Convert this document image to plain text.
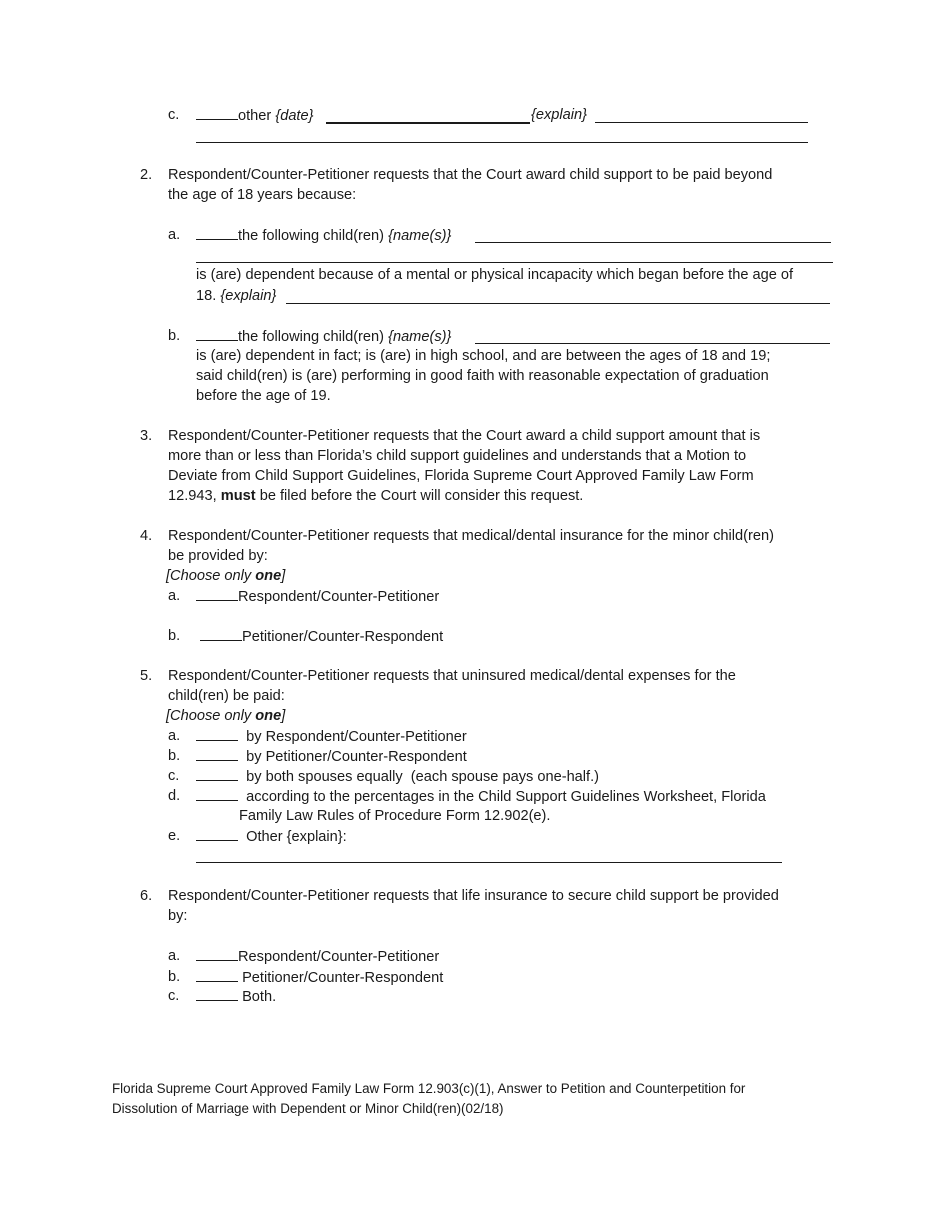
c.	other {date}	{explain}
2. Respondent/Counter-Petitioner requests that the Court award child support to be paid beyond
the age of 18 years because:
a.	the following child(ren) {name(s)}
is (are) dependent because of a mental or physical incapacity which began before the age of
18. {explain}
b.	the following child(ren) {name(s)}
is (are) dependent in fact; is (are) in high school, and are between the ages of 18 and 19;
said child(ren) is (are) performing in good faith with reasonable expectation of graduation
before the age of 19.
3. Respondent/Counter-Petitioner requests that the Court award a child support amount that is
more than or less than Florida’s child support guidelines and understands that a Motion to
Deviate from Child Support Guidelines, Florida Supreme Court Approved Family Law Form
12.943, must be filed before the Court will consider this request.
4. Respondent/Counter-Petitioner requests that medical/dental insurance for the minor child(ren)
be provided by:
[Choose only one]
a.	Respondent/Counter-Petitioner
b.	Petitioner/Counter-Respondent
5. Respondent/Counter-Petitioner requests that uninsured medical/dental expenses for the
child(ren) be paid:
[Choose only one]
a.	by Respondent/Counter-Petitioner
b.	by Petitioner/Counter-Respondent
c.	by both spouses equally  (each spouse pays one-half.)
d.	according to the percentages in the Child Support Guidelines Worksheet, Florida
Family Law Rules of Procedure Form 12.902(e).
e.	Other {explain}:
6. Respondent/Counter-Petitioner requests that life insurance to secure child support be provided
by:
a.	Respondent/Counter-Petitioner
b.	Petitioner/Counter-Respondent
c.	Both.
Florida Supreme Court Approved Family Law Form 12.903(c)(1), Answer to Petition and Counterpetition for
Dissolution of Marriage with Dependent or Minor Child(ren)(02/18)
